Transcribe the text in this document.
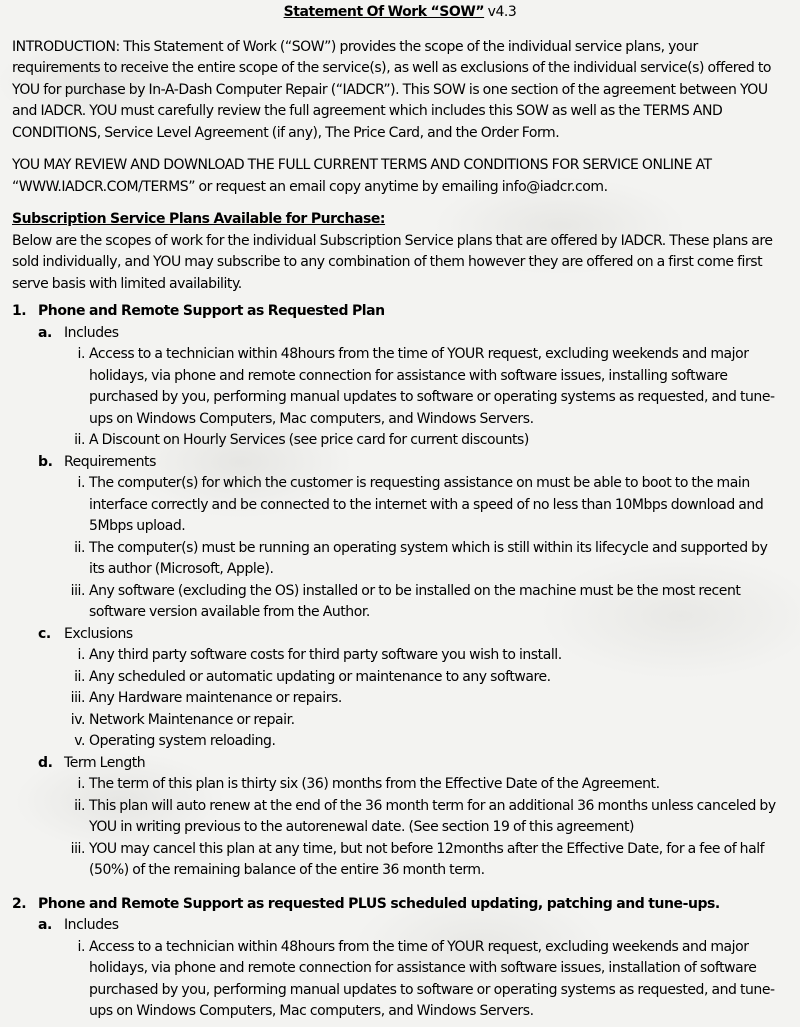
Statement Of Work “SOW” v4.3

INTRODUCTION: This Statement of Work (“SOW”) provides the scope of the individual service plans, your requirements to receive the entire scope of the service(s), as well as exclusions of the individual service(s) offered to YOU for purchase by In-A-Dash Computer Repair (“IADCR”). This SOW is one section of the agreement between YOU and IADCR. YOU must carefully review the full agreement which includes this SOW as well as the TERMS AND CONDITIONS, Service Level Agreement (if any), The Price Card, and the Order Form.

YOU MAY REVIEW AND DOWNLOAD THE FULL CURRENT TERMS AND CONDITIONS FOR SERVICE ONLINE AT “WWW.IADCR.COM/TERMS” or request an email copy anytime by emailing info@iadcr.com.

Subscription Service Plans Available for Purchase:

Below are the scopes of work for the individual Subscription Service plans that are offered by IADCR. These plans are sold individually, and YOU may subscribe to any combination of them however they are offered on a first come first serve basis with limited availability.

1. Phone and Remote Support as Requested Plan

a. Includes

i. Access to a technician within 48hours from the time of YOUR request, excluding weekends and major holidays, via phone and remote connection for assistance with software issues, installing software purchased by you, performing manual updates to software or operating systems as requested, and tune-ups on Windows Computers, Mac computers, and Windows Servers.

ii. A Discount on Hourly Services (see price card for current discounts)

b. Requirements

i. The computer(s) for which the customer is requesting assistance on must be able to boot to the main interface correctly and be connected to the internet with a speed of no less than 10Mbps download and 5Mbps upload.

ii. The computer(s) must be running an operating system which is still within its lifecycle and supported by its author (Microsoft, Apple).

iii. Any software (excluding the OS) installed or to be installed on the machine must be the most recent software version available from the Author.

c. Exclusions

i. Any third party software costs for third party software you wish to install.

ii. Any scheduled or automatic updating or maintenance to any software.

iii. Any Hardware maintenance or repairs.

iv. Network Maintenance or repair.

v. Operating system reloading.

d. Term Length

i. The term of this plan is thirty six (36) months from the Effective Date of the Agreement.

ii. This plan will auto renew at the end of the 36 month term for an additional 36 months unless canceled by YOU in writing previous to the autorenewal date. (See section 19 of this agreement)

iii. YOU may cancel this plan at any time, but not before 12months after the Effective Date, for a fee of half (50%) of the remaining balance of the entire 36 month term.

2. Phone and Remote Support as requested PLUS scheduled updating, patching and tune-ups.

a. Includes

i. Access to a technician within 48hours from the time of YOUR request, excluding weekends and major holidays, via phone and remote connection for assistance with software issues, installation of software purchased by you, performing manual updates to software or operating systems as requested, and tune-ups on Windows Computers, Mac computers, and Windows Servers.
